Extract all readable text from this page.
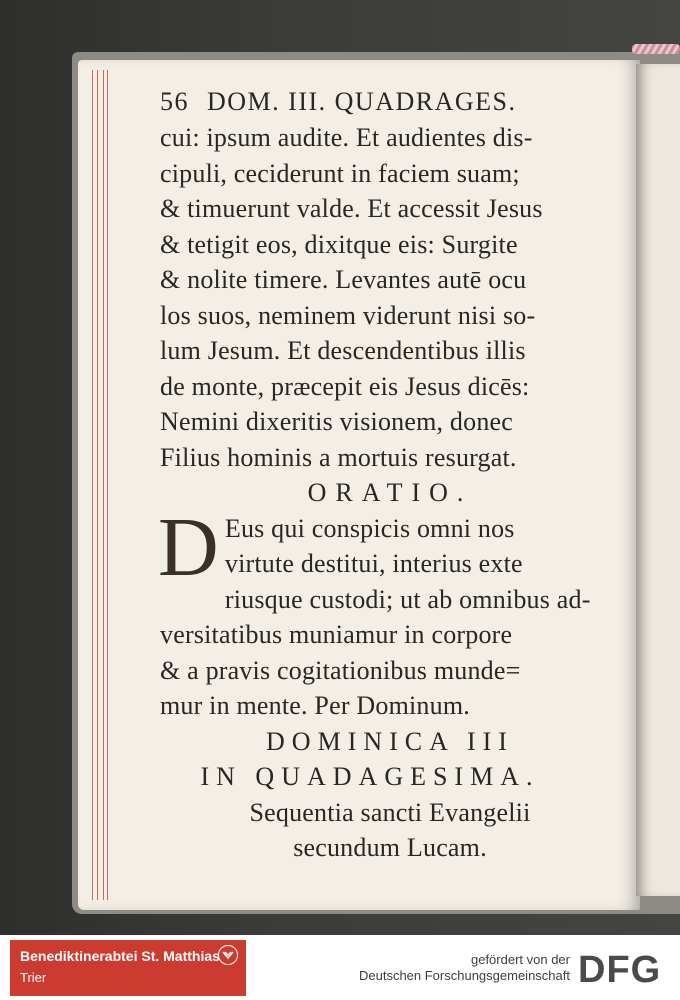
56 DOM. III. QUADRAGES.
cui: ipsum audite. Et audientes dis-
cipuli, ceciderunt in faciem suam;
& timuerunt valde. Et accessit Jesus
& tetigit eos, dixitque eis: Surgite
& nolite timere. Levantes autē ocu
los suos, neminem viderunt nisi so-
lum Jesum. Et descendentibus illis
de monte, præcepit eis Jesus dicēs:
Nemini dixeritis visionem, donec
Filius hominis a mortuis resurgat.
ORATIO.
D Eus qui conspicis omni nos
virtute destitui, interius exte
riusque custodi; ut ab omnibus ad-
versitatibus muniamur in corpore
& a pravis cogitationibus munde=
mur in mente. Per Dominum.
DOMINICA III
IN QUADAGESIMA.
Sequentia sancti Evangelii
secundum Lucam.
Benediktinerabtei St. Matthias
Trier
gefördert von der
Deutschen Forschungsgemeinschaft DFG
